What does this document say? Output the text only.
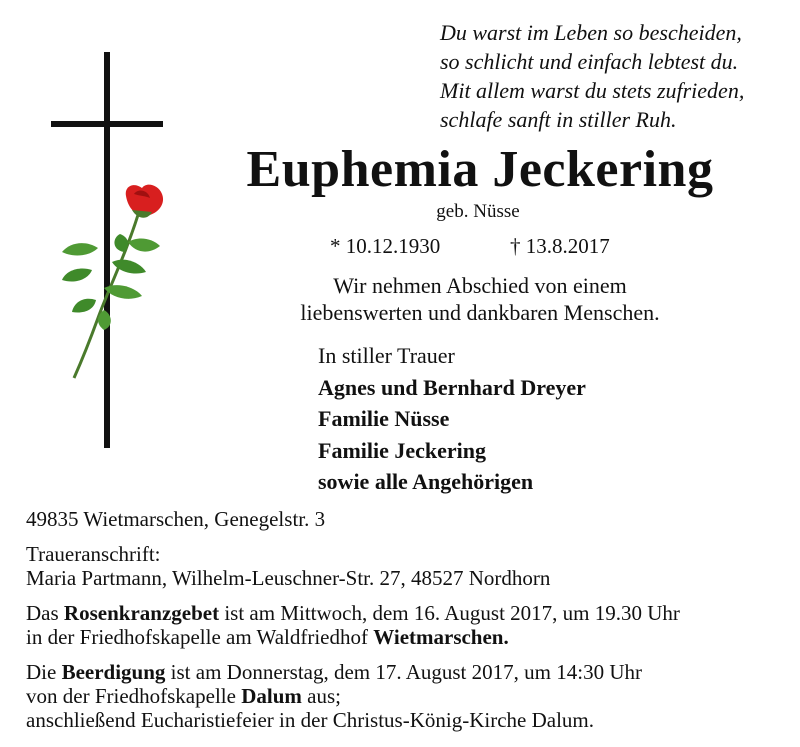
Du warst im Leben so bescheiden,
so schlicht und einfach lebtest du.
Mit allem warst du stets zufrieden,
schlafe sanft in stiller Ruh.
Euphemia Jeckering
geb. Nüsse
* 10.12.1930	† 13.8.2017
Wir nehmen Abschied von einem
liebenswerten und dankbaren Menschen.
In stiller Trauer
Agnes und Bernhard Dreyer
Familie Nüsse
Familie Jeckering
sowie alle Angehörigen

49835 Wietmarschen, Genegelstr. 3

Traueranschrift:

Maria Partmann, Wilhelm-Leuschner-Str. 27, 48527 Nordhorn

Das Rosenkranzgebet ist am Mittwoch, dem 16. August 2017, um 19.30 Uhr

in der Friedhofskapelle am Waldfriedhof Wietmarschen.

Die Beerdigung ist am Donnerstag, dem 17. August 2017, um 14:30 Uhr

von der Friedhofskapelle Dalum aus;

anschließend Eucharistiefeier in der Christus-König-Kirche Dalum.
